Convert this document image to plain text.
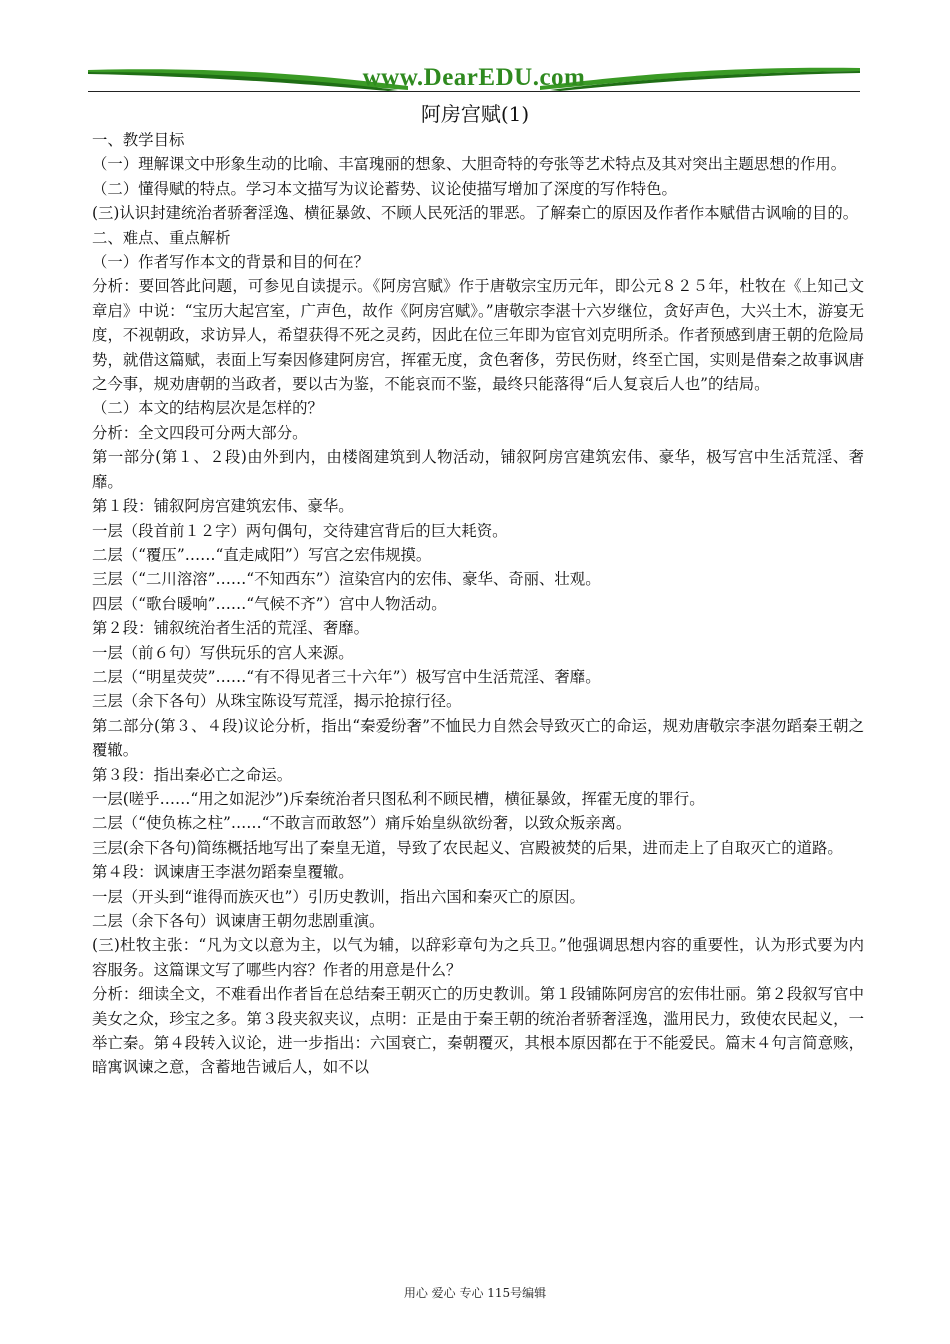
www.DearEDU.com
阿房宫赋(1)

一、教学目标

（一）理解课文中形象生动的比喻、丰富瑰丽的想象、大胆奇特的夸张等艺术特点及其对突出主题思想的作用。

（二）懂得赋的特点。学习本文描写为议论蓄势、议论使描写增加了深度的写作特色。

(三)认识封建统治者骄奢淫逸、横征暴敛、不顾人民死活的罪恶。了解秦亡的原因及作者作本赋借古讽喻的目的。

二、难点、重点解析

（一）作者写作本文的背景和目的何在？

分析：要回答此问题，可参见自读提示。《阿房宫赋》作于唐敬宗宝历元年，即公元８２５年，杜牧在《上知己文章启》中说：“宝历大起宫室，广声色，故作《阿房宫赋》。”唐敬宗李湛十六岁继位，贪好声色，大兴土木，游宴无度，不视朝政，求访异人，希望获得不死之灵药，因此在位三年即为宦官刘克明所杀。作者预感到唐王朝的危险局势，就借这篇赋，表面上写秦因修建阿房宫，挥霍无度，贪色奢侈，劳民伤财，终至亡国，实则是借秦之故事讽唐之今事，规劝唐朝的当政者，要以古为鉴，不能哀而不鉴，最终只能落得“后人复哀后人也”的结局。

（二）本文的结构层次是怎样的？

分析：全文四段可分两大部分。

第一部分(第１、２段)由外到内，由楼阁建筑到人物活动，铺叙阿房宫建筑宏伟、豪华，极写宫中生活荒淫、奢靡。

第１段：铺叙阿房宫建筑宏伟、豪华。

一层（段首前１２字）两句偶句，交待建宫背后的巨大耗资。

二层（“覆压”……“直走咸阳”）写宫之宏伟规摸。

三层（“二川溶溶”……“不知西东”）渲染宫内的宏伟、豪华、奇丽、壮观。

四层（“歌台暖响”……“气候不齐”）宫中人物活动。

第２段：铺叙统治者生活的荒淫、奢靡。

一层（前６句）写供玩乐的宫人来源。

二层（“明星荧荧”……“有不得见者三十六年”）极写宫中生活荒淫、奢靡。

三层（余下各句）从珠宝陈设写荒淫，揭示抢掠行径。

第二部分(第３、４段)议论分析，指出“秦爱纷奢”不恤民力自然会导致灭亡的命运，规劝唐敬宗李湛勿蹈秦王朝之覆辙。

第３段：指出秦必亡之命运。

一层(嗟乎……“用之如泥沙”)斥秦统治者只图私利不顾民槽，横征暴敛，挥霍无度的罪行。

二层（“使负栋之柱”……“不敢言而敢怒”）痛斥始皇纵欲纷奢，以致众叛亲离。

三层(余下各句)简练概括地写出了秦皇无道，导致了农民起义、宫殿被焚的后果，进而走上了自取灭亡的道路。

第４段：讽谏唐王李湛勿蹈秦皇覆辙。

一层（开头到“谁得而族灭也”）引历史教训，指出六国和秦灭亡的原因。

二层（余下各句）讽谏唐王朝勿悲剧重演。

(三)杜牧主张：“凡为文以意为主，以气为辅，以辞彩章句为之兵卫。”他强调思想内容的重要性，认为形式要为内容服务。这篇课文写了哪些内容？作者的用意是什么？

分析：细读全文，不难看出作者旨在总结秦王朝灭亡的历史教训。第１段铺陈阿房宫的宏伟壮丽。第２段叙写官中美女之众，珍宝之多。第３段夹叙夹议，点明：正是由于秦王朝的统治者骄奢淫逸，滥用民力，致使农民起义，一举亡秦。第４段转入议论，进一步指出：六国衰亡，秦朝覆灭，其根本原因都在于不能爱民。篇末４句言简意赅，暗寓讽谏之意，含蓄地告诫后人，如不以

用心 爱心 专心 115号编辑
